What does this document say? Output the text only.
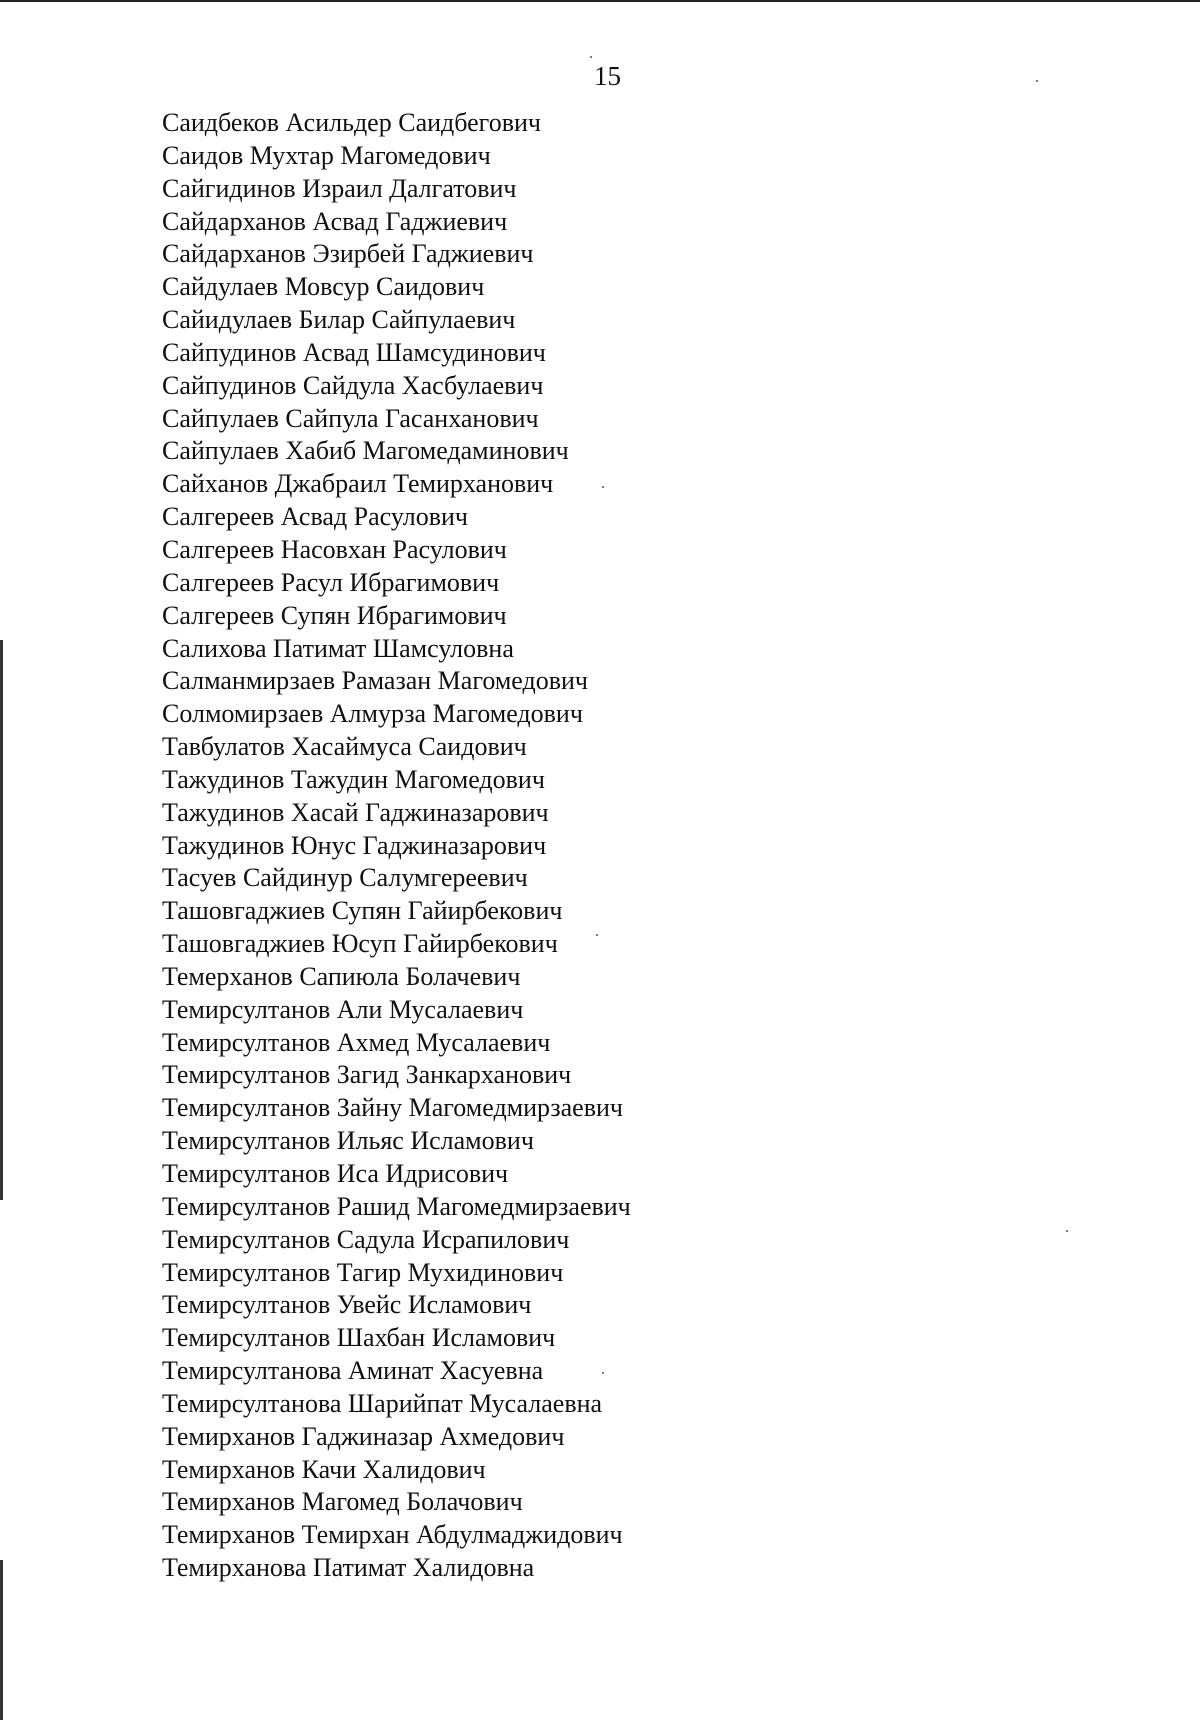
15
Саидбеков Асильдер Саидбегович
Саидов Мухтар Магомедович
Сайгидинов Израил Далгатович
Сайдарханов Асвад Гаджиевич
Сайдарханов Эзирбей Гаджиевич
Сайдулаев Мовсур Саидович
Сайидулаев Билар Сайпулаевич
Сайпудинов Асвад Шамсудинович
Сайпудинов Сайдула Хасбулаевич
Сайпулаев Сайпула Гасанханович
Сайпулаев Хабиб Магомедаминович
Сайханов Джабраил Темирханович
Салгереев Асвад Расулович
Салгереев Насовхан Расулович
Салгереев Расул Ибрагимович
Салгереев Супян Ибрагимович
Салихова Патимат Шамсуловна
Салманмирзаев Рамазан Магомедович
Солмомирзаев Алмурза Магомедович
Тавбулатов Хасаймуса Саидович
Тажудинов Тажудин Магомедович
Тажудинов Хасай Гаджиназарович
Тажудинов Юнус Гаджиназарович
Тасуев Сайдинур Салумгереевич
Ташовгаджиев Супян Гайирбекович
Ташовгаджиев Юсуп Гайирбекович
Темерханов Сапиюла Болачевич
Темирсултанов Али Мусалаевич
Темирсултанов Ахмед Мусалаевич
Темирсултанов Загид Занкарханович
Темирсултанов Зайну Магомедмирзаевич
Темирсултанов Ильяс Исламович
Темирсултанов Иса Идрисович
Темирсултанов Рашид Магомедмирзаевич
Темирсултанов Садула Исрапилович
Темирсултанов Тагир Мухидинович
Темирсултанов Увейс Исламович
Темирсултанов Шахбан Исламович
Темирсултанова Аминат Хасуевна
Темирсултанова Шарийпат Мусалаевна
Темирханов Гаджиназар Ахмедович
Темирханов Качи Халидович
Темирханов Магомед Болачович
Темирханов Темирхан Абдулмаджидович
Темирханова Патимат Халидовна
